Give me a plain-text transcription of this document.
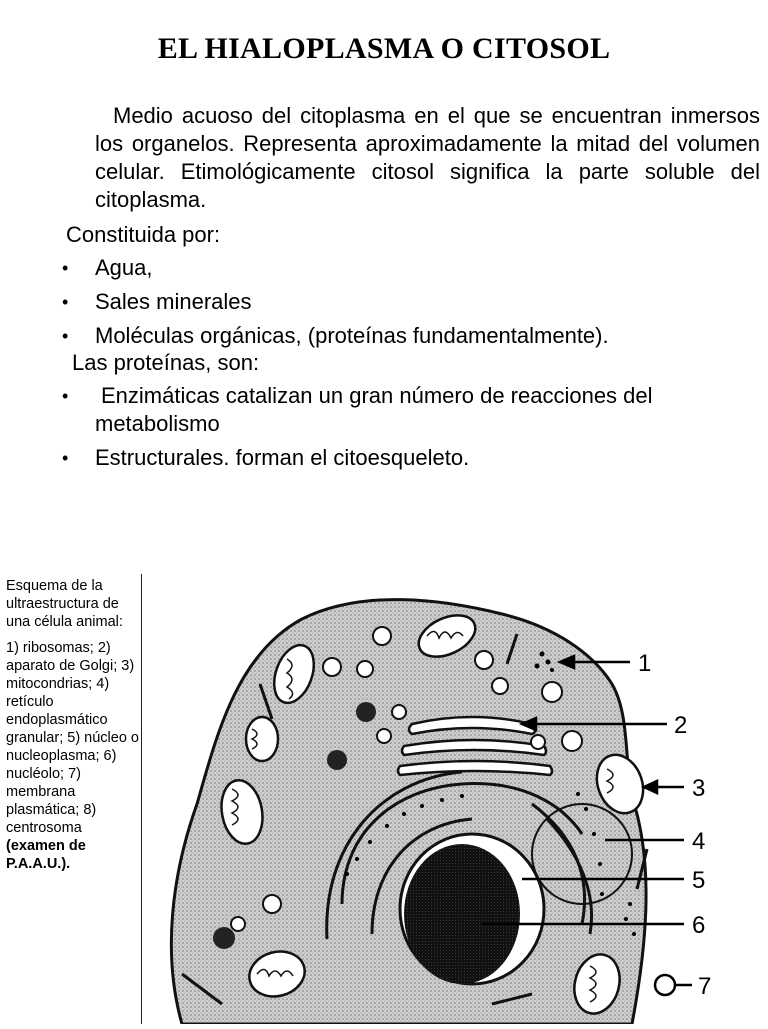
EL HIALOPLASMA O CITOSOL
Medio acuoso del citoplasma en el que se encuentran inmersos los organelos. Representa aproximadamente la mitad del volumen celular. Etimológicamente citosol significa la parte soluble del citoplasma.
Constituida por:
• Agua,
• Sales minerales
• Moléculas orgánicas, (proteínas fundamentalmente).
Las proteínas, son:
• Enzimáticas catalizan un gran número de reacciones del metabolismo
• Estructurales. forman el citoesqueleto.

Esquema de la ultraestructura de una célula animal:

1) ribosomas; 2) aparato de Golgi; 3) mitocondrias; 4) retículo endoplasmático granular; 5) núcleo o nucleoplasma; 6) nucléolo; 7) membrana plasmática; 8) centrosoma (examen de P.A.A.U.).

1
2
3
4
5
6
7
